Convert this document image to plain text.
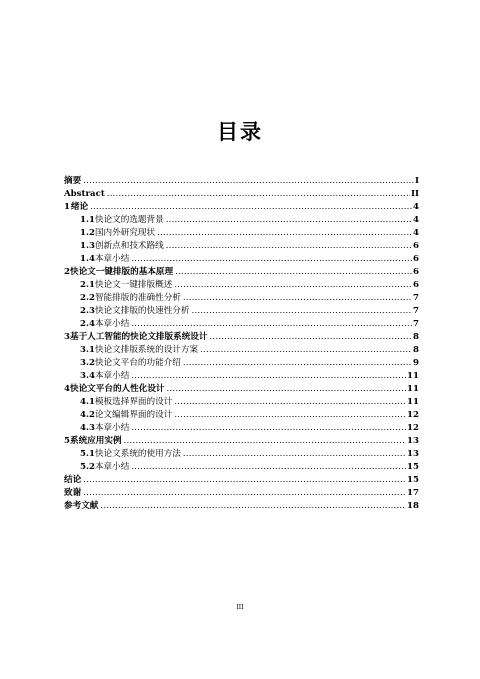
目录
摘要 .....	I
Abstract .....	II
1 绪论 .....	4
1.1 快论文的选题背景 .....	4
1.2 国内外研究现状 .....	4
1.3 创新点和技术路线 .....	6
1.4 本章小结 .....	6
2 快论文一键排版的基本原理 .....	6
2.1 快论文一键排版概述 .....	6
2.2 智能排版的准确性分析 .....	7
2.3 快论文排版的快速性分析 .....	7
2.4 本章小结 .....	7
3 基于人工智能的快论文排版系统设计 .....	8
3.1 快论文排版系统的设计方案 .....	8
3.2 快论文平台的功能介绍 .....	9
3.4 本章小结 .....	11
4 快论文平台的人性化设计 .....	11
4.1 模板选择界面的设计 .....	11
4.2 论文编辑界面的设计 .....	12
4.3 本章小结 .....	12
5 系统应用实例 .....	13
5.1 快论文系统的使用方法 .....	13
5.2 本章小结 .....	15
结论 .....	15
致谢 .....	17
参考文献 .....	18
III
